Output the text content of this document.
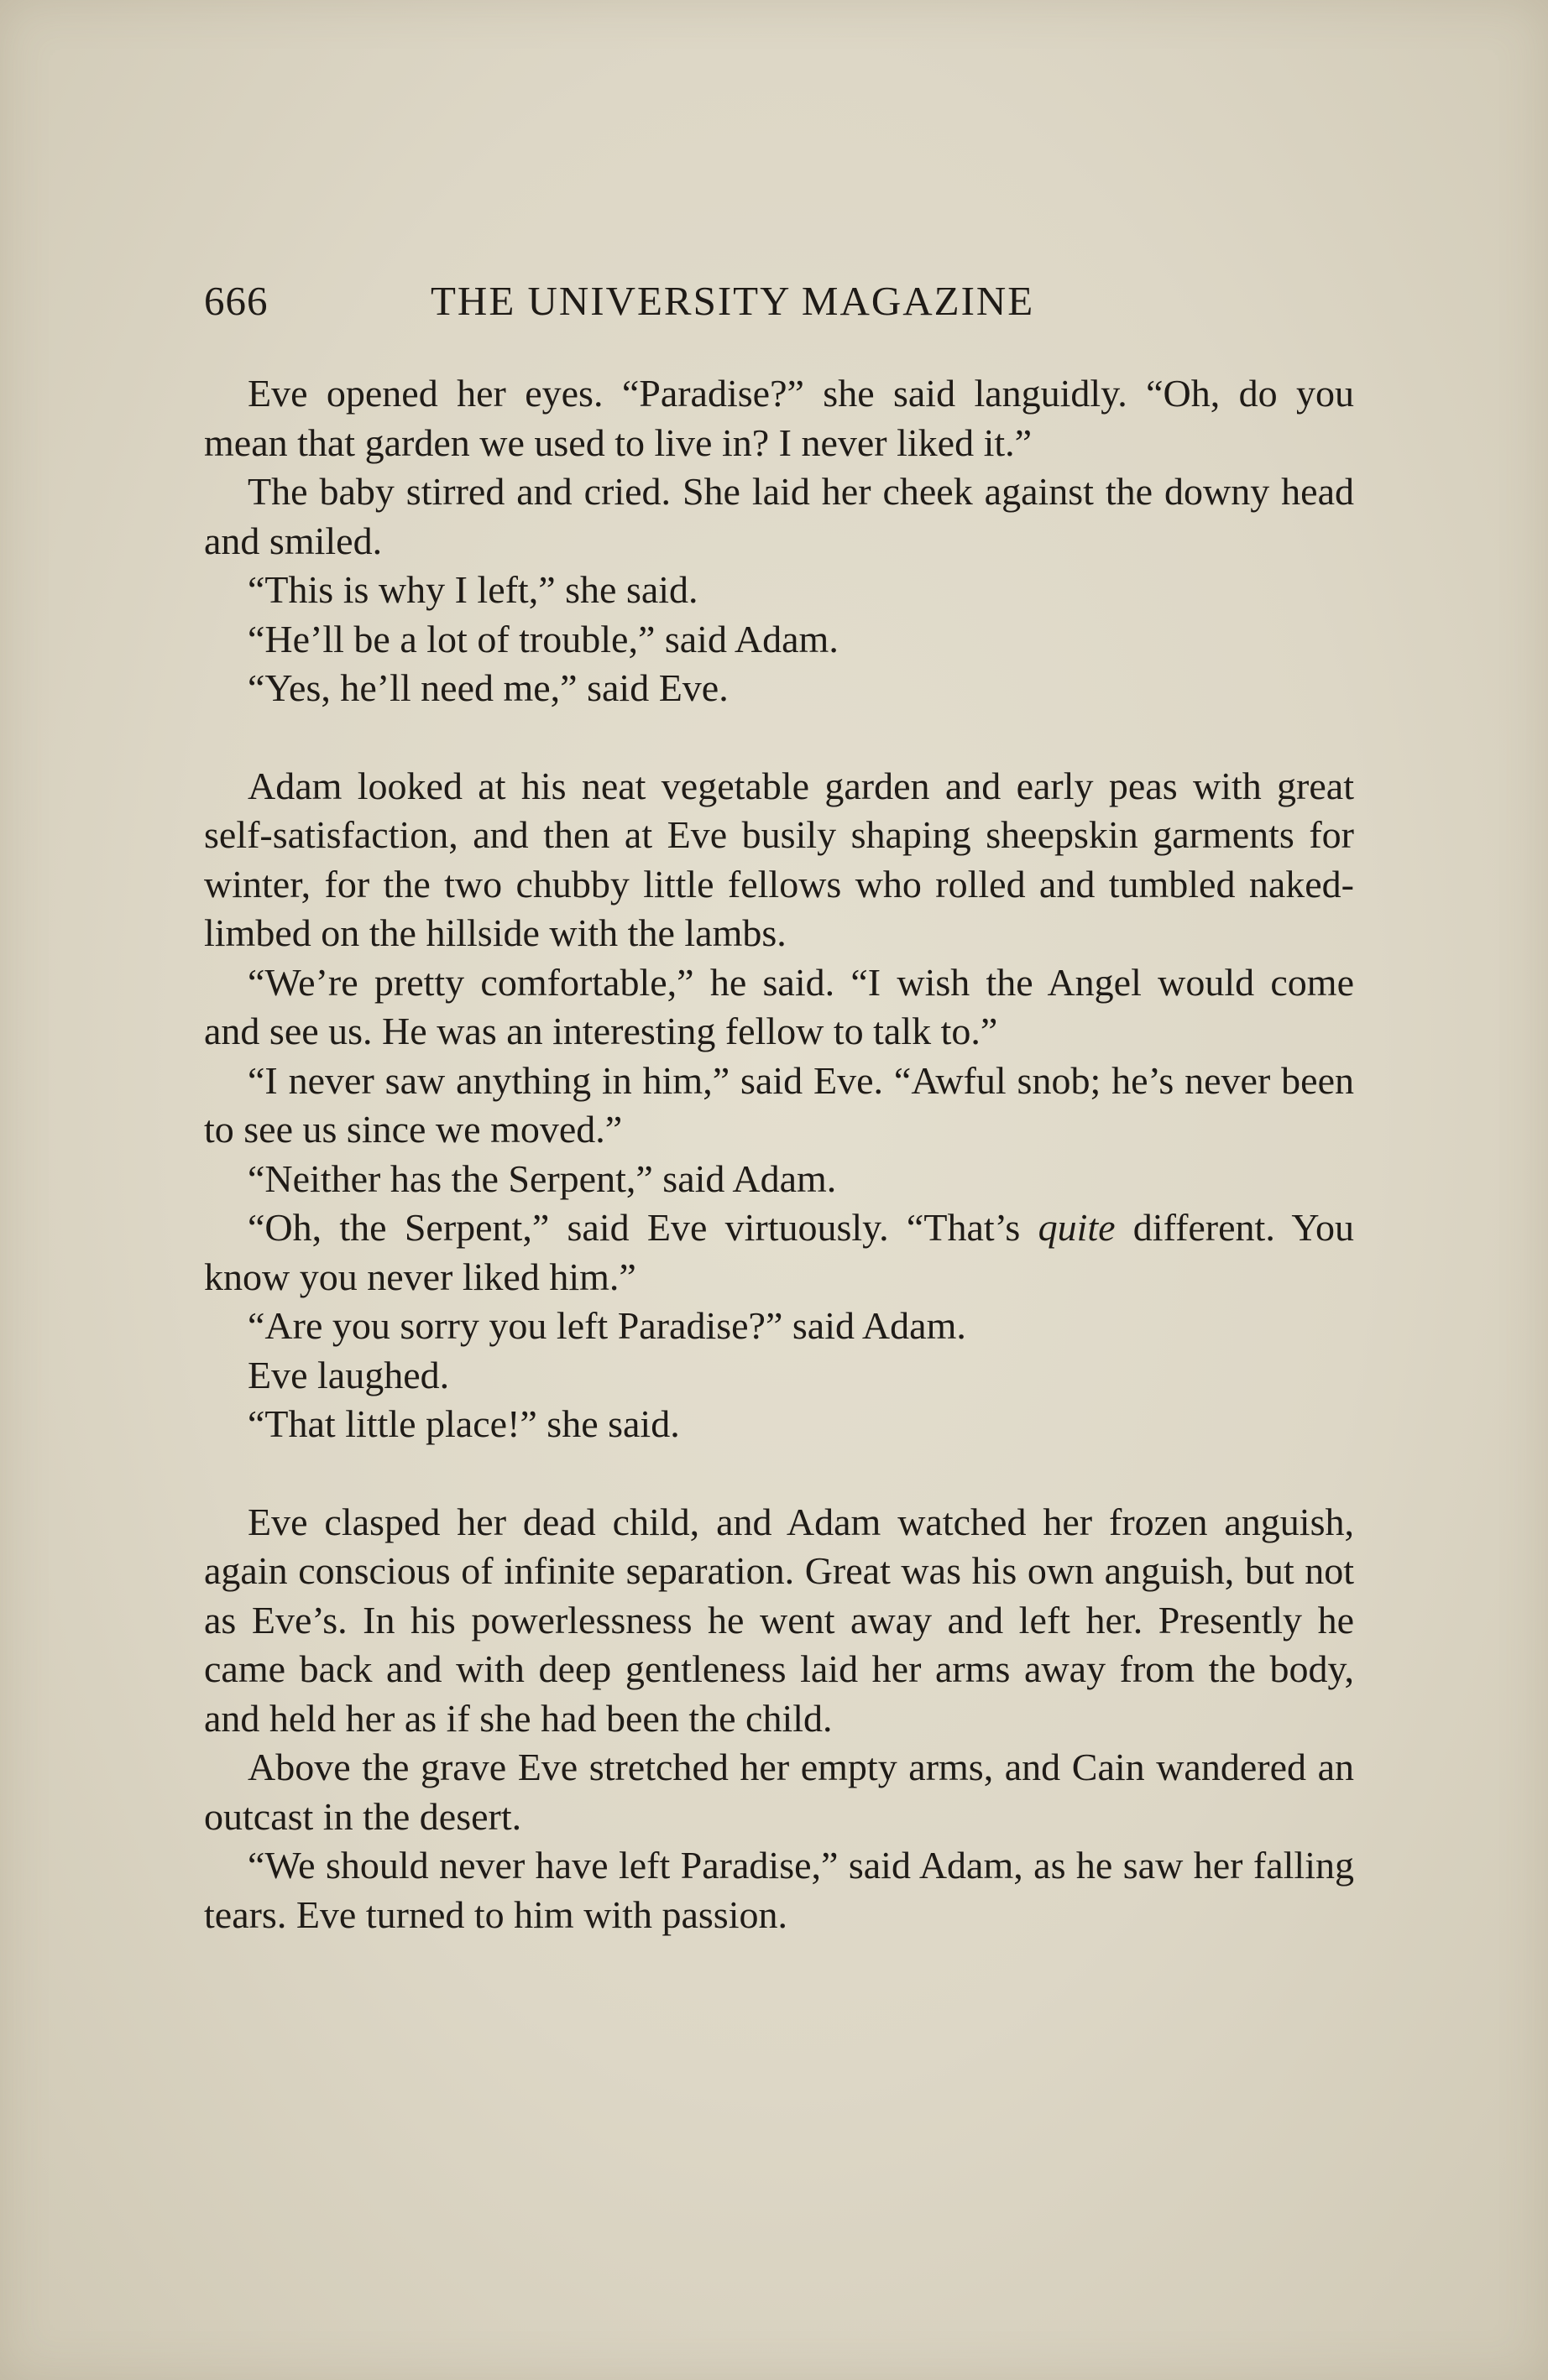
666	THE UNIVERSITY MAGAZINE

Eve opened her eyes. “Paradise?” she said languidly. “Oh, do you mean that garden we used to live in? I never liked it.”

The baby stirred and cried. She laid her cheek against the downy head and smiled.

“This is why I left,” she said.

“He’ll be a lot of trouble,” said Adam.

“Yes, he’ll need me,” said Eve.

Adam looked at his neat vegetable garden and early peas with great self-satisfaction, and then at Eve busily shaping sheepskin garments for winter, for the two chubby little fellows who rolled and tumbled naked-limbed on the hillside with the lambs.

“We’re pretty comfortable,” he said. “I wish the Angel would come and see us. He was an interesting fellow to talk to.”

“I never saw anything in him,” said Eve. “Awful snob; he’s never been to see us since we moved.”

“Neither has the Serpent,” said Adam.

“Oh, the Serpent,” said Eve virtuously. “That’s quite different. You know you never liked him.”

“Are you sorry you left Paradise?” said Adam.

Eve laughed.

“That little place!” she said.

Eve clasped her dead child, and Adam watched her frozen anguish, again conscious of infinite separation. Great was his own anguish, but not as Eve’s. In his powerlessness he went away and left her. Presently he came back and with deep gentleness laid her arms away from the body, and held her as if she had been the child.

Above the grave Eve stretched her empty arms, and Cain wandered an outcast in the desert.

“We should never have left Paradise,” said Adam, as he saw her falling tears. Eve turned to him with passion.
